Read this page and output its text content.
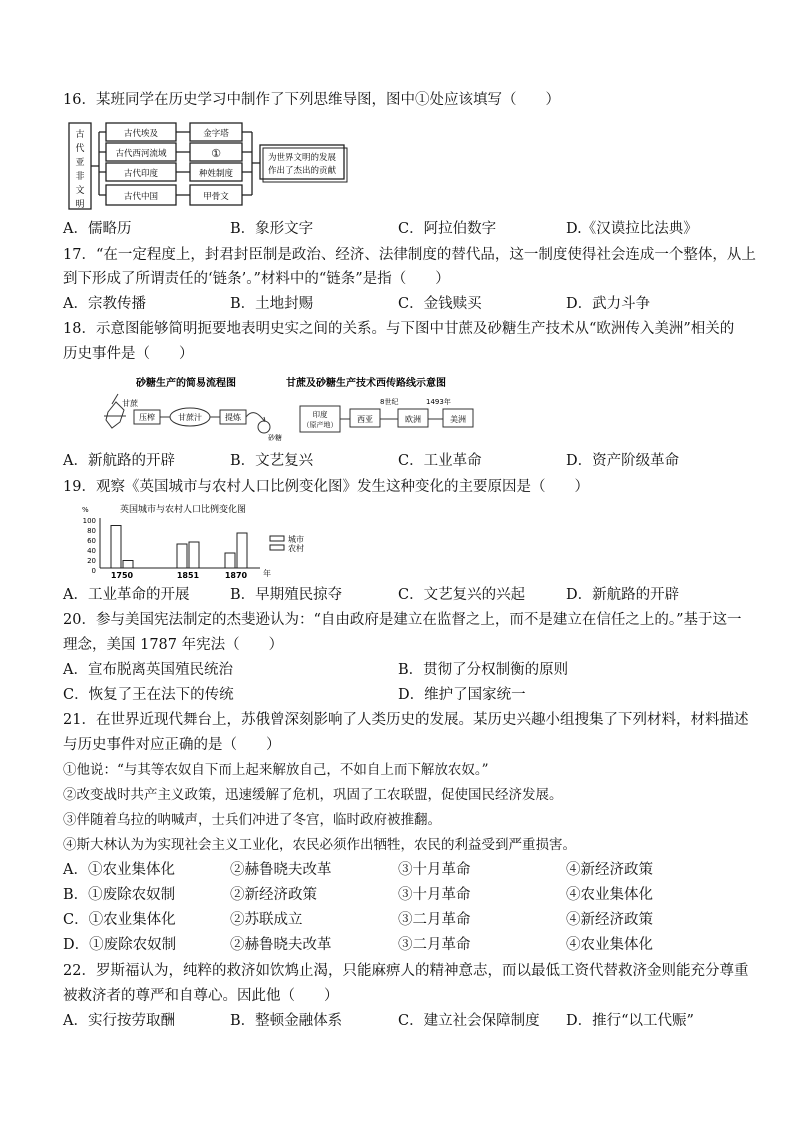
16．某班同学在历史学习中制作了下列思维导图，图中①处应该填写（　　）
古
代
亚
非
文
明
古代埃及
古代西河流域
古代印度
古代中国
金字塔
①
种姓制度
甲骨文
为世界文明的发展
作出了杰出的贡献
A．儒略历	B．象形文字	C．阿拉伯数字	D.《汉谟拉比法典》
17．“在一定程度上，封君封臣制是政治、经济、法律制度的替代品，这一制度使得社会连成一个整体，从上
到下形成了所谓责任的‘链条’。”材料中的“链条”是指（　　）
A．宗教传播	B．土地封赐	C．金钱赎买	D．武力斗争
18．示意图能够简明扼要地表明史实之间的关系。与下图中甘蔗及砂糖生产技术从“欧洲传入美洲”相关的
历史事件是（　　）
砂糖生产的简易流程图	甘蔗及砂糖生产技术西传路线示意图
甘蔗
压榨	甘蔗汁	提炼
砂糖
印度
（原产地）
西亚	欧洲	美洲
8世纪	1493年
A．新航路的开辟	B．文艺复兴	C．工业革命	D．资产阶级革命
19．观察《英国城市与农村人口比例变化图》发生这种变化的主要原因是（　　）
英国城市与农村人口比例变化图
%
100
80
60
40
20
0 1750	1851	1870 年
城市
农村
A．工业革命的开展	B．早期殖民掠夺	C．文艺复兴的兴起	D．新航路的开辟
20．参与美国宪法制定的杰斐逊认为：“自由政府是建立在监督之上，而不是建立在信任之上的。”基于这一
理念，美国 1787 年宪法（　　）
A．宣布脱离英国殖民统治	B．贯彻了分权制衡的原则
C．恢复了王在法下的传统	D．维护了国家统一
21．在世界近现代舞台上，苏俄曾深刻影响了人类历史的发展。某历史兴趣小组搜集了下列材料，材料描述
与历史事件对应正确的是（　　）
①他说：“与其等农奴自下而上起来解放自己，不如自上而下解放农奴。”
②改变战时共产主义政策，迅速缓解了危机，巩固了工农联盟，促使国民经济发展。
③伴随着乌拉的呐喊声，士兵们冲进了冬宫，临时政府被推翻。
④斯大林认为为实现社会主义工业化，农民必须作出牺牲，农民的利益受到严重损害。
A．①农业集体化	②赫鲁晓夫改革	③十月革命	④新经济政策
B．①废除农奴制	②新经济政策	③十月革命	④农业集体化
C．①农业集体化	②苏联成立	③二月革命	④新经济政策
D．①废除农奴制	②赫鲁晓夫改革	③二月革命	④农业集体化
22．罗斯福认为，纯粹的救济如饮鸩止渴，只能麻痹人的精神意志，而以最低工资代替救济金则能充分尊重
被救济者的尊严和自尊心。因此他（　　）
A．实行按劳取酬	B．整顿金融体系	C．建立社会保障制度 D．推行“以工代赈”
